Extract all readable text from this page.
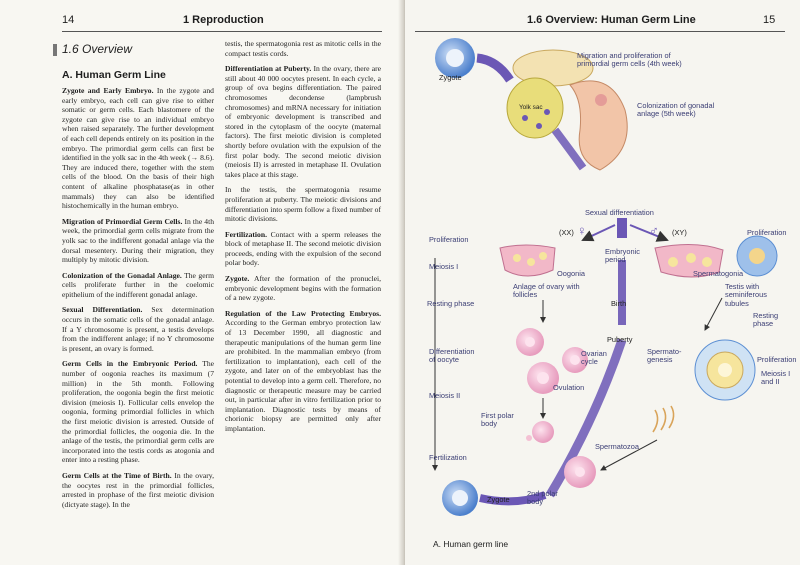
14	1 Reproduction
1.6 Overview
A. Human Germ Line

Zygote and Early Embryo. In the zygote and early embryo, each cell can give rise to either somatic or germ cells. Each blastomere of the zygote can give rise to an individual embryo when raised separately. The further development of each cell depends entirely on its position in the embryo. The primordial germ cells can first be identified in the yolk sac in the 4th week (→ 8.6). They are induced there, together with the stem cells of the blood. On the basis of their high content of alkaline phosphatase(as in other mammals) they can also be identified histochemically in the human embryo.

Migration of Primordial Germ Cells. In the 4th week, the primordial germ cells migrate from the yolk sac to the indifferent gonadal anlage via the dorsal mesentery. During their migration, they multiply by mitotic division.

Colonization of the Gonadal Anlage. The germ cells proliferate further in the coelomic epithelium of the indifferent gonadal anlage.

Sexual Differentiation. Sex determination occurs in the somatic cells of the gonadal anlage. If a Y chromosome is present, a testis develops from the indifferent anlage; if no Y chromosome is present, an ovary is formed.

Germ Cells in the Embryonic Period. The number of oogonia reaches its maximum (7 million) in the 5th month. Following proliferation, the oogonia begin the first meiotic division (meiosis I). Follicular cells envelop the oogonia, forming primordial follicles in which the first meiotic division is arrested. Outside of the primordial follicles, the oogonia die. In the anlage of the testis, the primordial germ cells are incorporated into the testis cords as atogonia and enter into a resting phase.

Germ Cells at the Time of Birth. In the ovary, the oocytes rest in the primordial follicles, arrested in prophase of the first meiotic division (dictyate stage). In the

testis, the spermatogonia rest as mitotic cells in the compact testis cords.

Differentiation at Puberty. In the ovary, there are still about 40 000 oocytes present. In each cycle, a group of ova begins differentiation. The paired chromosomes decondense (lampbrush chromosomes) and mRNA necessary for initiation of embryonic development is transcribed and stored in the cytoplasm of the oocyte (maternal factors). The first meiotic division is completed shortly before ovulation with the expulsion of the first polar body. The second meiotic division (meiosis II) is arrested in metaphase II. Ovulation takes place at this stage.

In the testis, the spermatogonia resume proliferation at puberty. The meiotic divisions and differentiation into sperm follow a fixed number of mitotic divisions.

Fertilization. Contact with a sperm releases the block of metaphase II. The second meiotic division proceeds, ending with the expulsion of the second polar body.

Zygote. After the formation of the pronuclei, embryonic development begins with the formation of a new zygote.

Regulation of the Law Protecting Embryos. According to the German embryo protection law of 13 December 1990, all diagnostic and therapeutic manipulations of the human germ line are prohibited. In the mammalian embryo (from fertilization to implantation), each cell of the zygote, and later on of the embryoblast has the potential to develop into a germ cell. Therefore, no diagnostic or therapeutic measure may be carried out, in particular after in vitro fertilization prior to implantation. Diagnostic tests by means of chorionic biopsy are permitted only after implantation.

1.6 Overview: Human Germ Line	15
Zygote
Migration and proliferation of primordial germ cells (4th week)
Yolk sac	Colonization of gonadal anlage (5th week)
Sexual differentiation
(XX) ♀	♂ (XY)
Proliferation
Proliferation
Meiosis I
Embryonic period
Oogonia	Spermatogonia
Anlage of ovary with follicles
Testis with seminiferous tubules
Resting phase	Birth
Resting phase
Puberty
Differentiation of oocyte
Ovarian cycle
Spermato-genesis	Proliferation
Meiosis I and II
Ovulation
Meiosis II
First polar body
Spermatozoa
Fertilization
Zygote
2nd polar body
A. Human germ line
